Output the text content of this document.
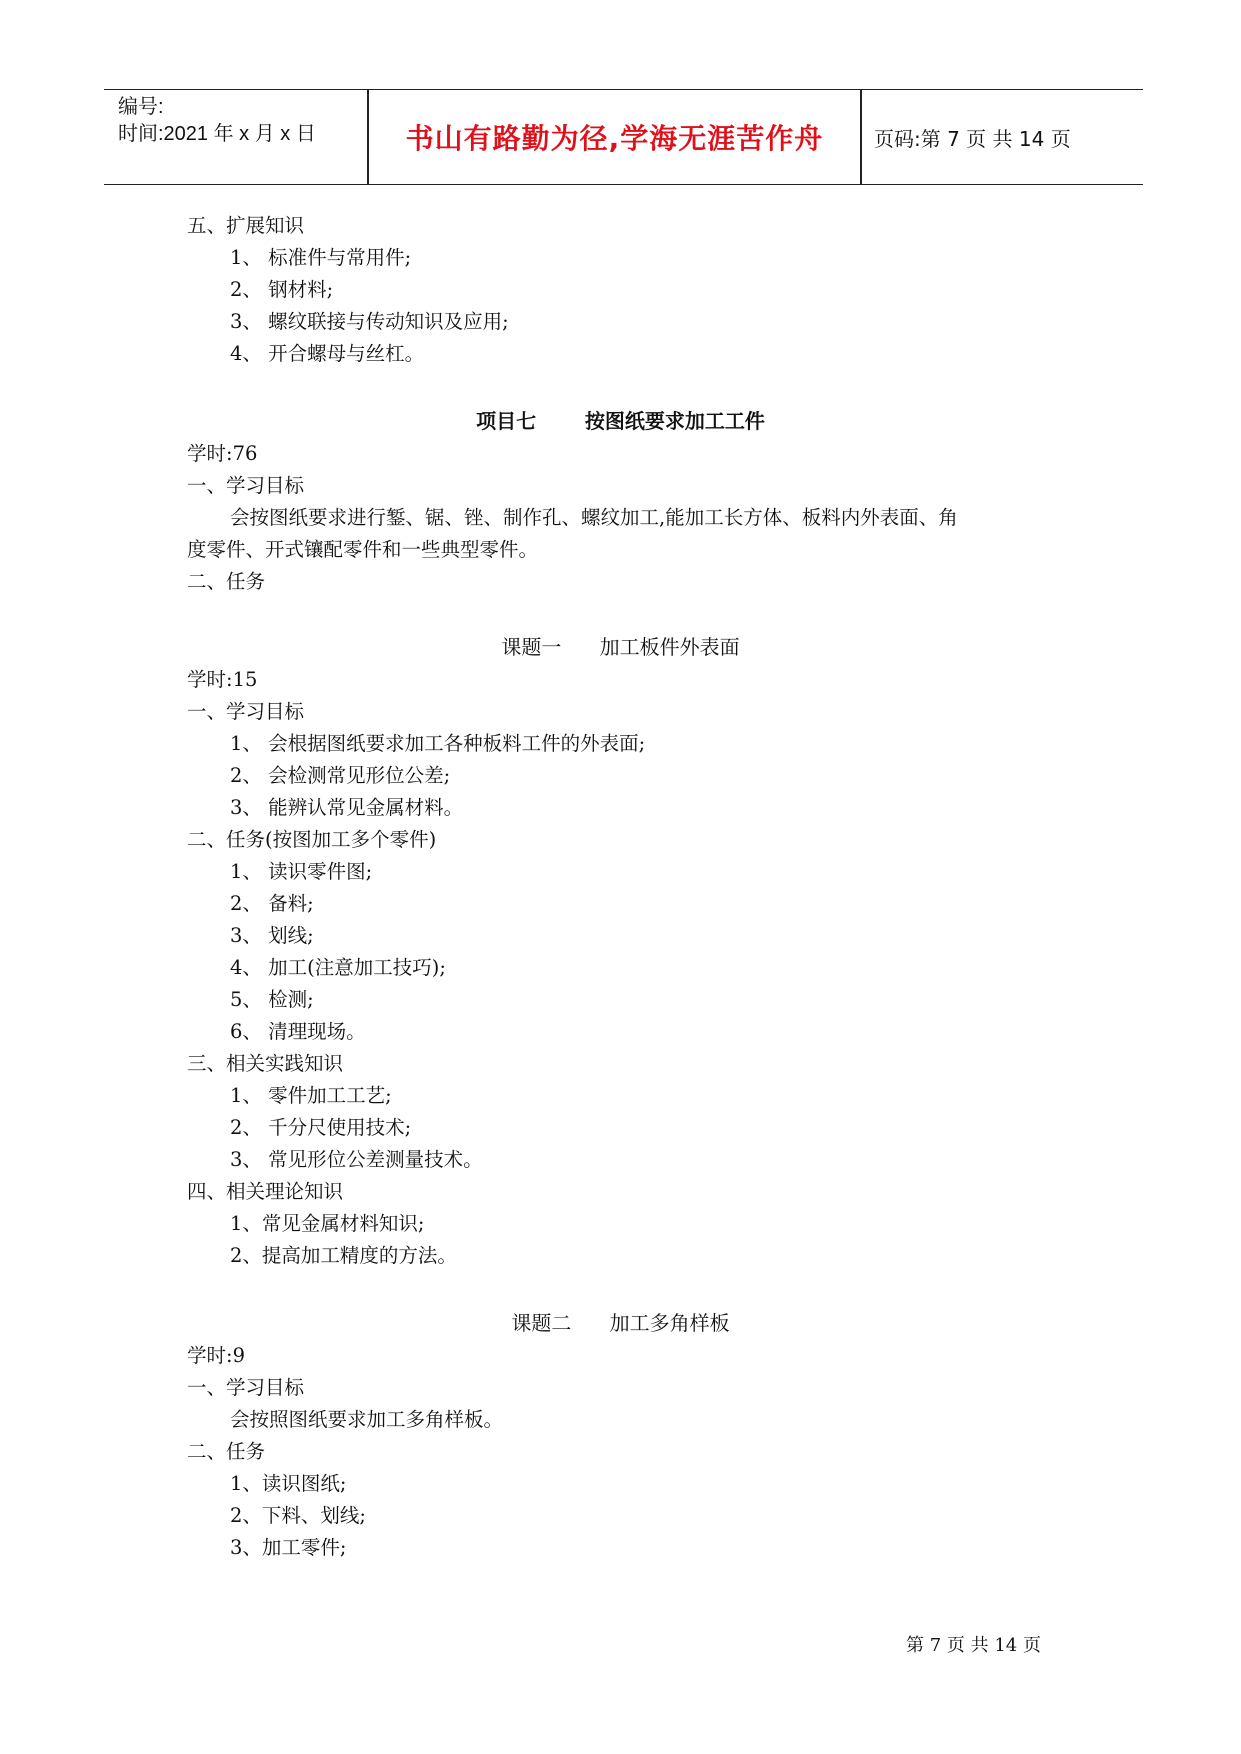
编号:
时间:2021 年 x 月 x 日	书山有路勤为径,学海无涯苦作舟	页码:第 7 页 共 14 页
五、扩展知识
1、 标准件与常用件;
2、 钢材料;
3、 螺纹联接与传动知识及应用;
4、 开合螺母与丝杠。
项目七       按图纸要求加工工件
学时:76
一、学习目标
会按图纸要求进行錾、锯、锉、制作孔、螺纹加工,能加工长方体、板料内外表面、角
度零件、开式镶配零件和一些典型零件。
二、任务
课题一      加工板件外表面
学时:15
一、学习目标
1、 会根据图纸要求加工各种板料工件的外表面;
2、 会检测常见形位公差;
3、 能辨认常见金属材料。
二、任务(按图加工多个零件)
1、 读识零件图;
2、 备料;
3、 划线;
4、 加工(注意加工技巧);
5、 检测;
6、 清理现场。
三、相关实践知识
1、 零件加工工艺;
2、 千分尺使用技术;
3、 常见形位公差测量技术。
四、相关理论知识
1、常见金属材料知识;
2、提高加工精度的方法。
课题二      加工多角样板
学时:9
一、学习目标
会按照图纸要求加工多角样板。
二、任务
1、读识图纸;
2、下料、划线;
3、加工零件;
第 7 页 共 14 页
